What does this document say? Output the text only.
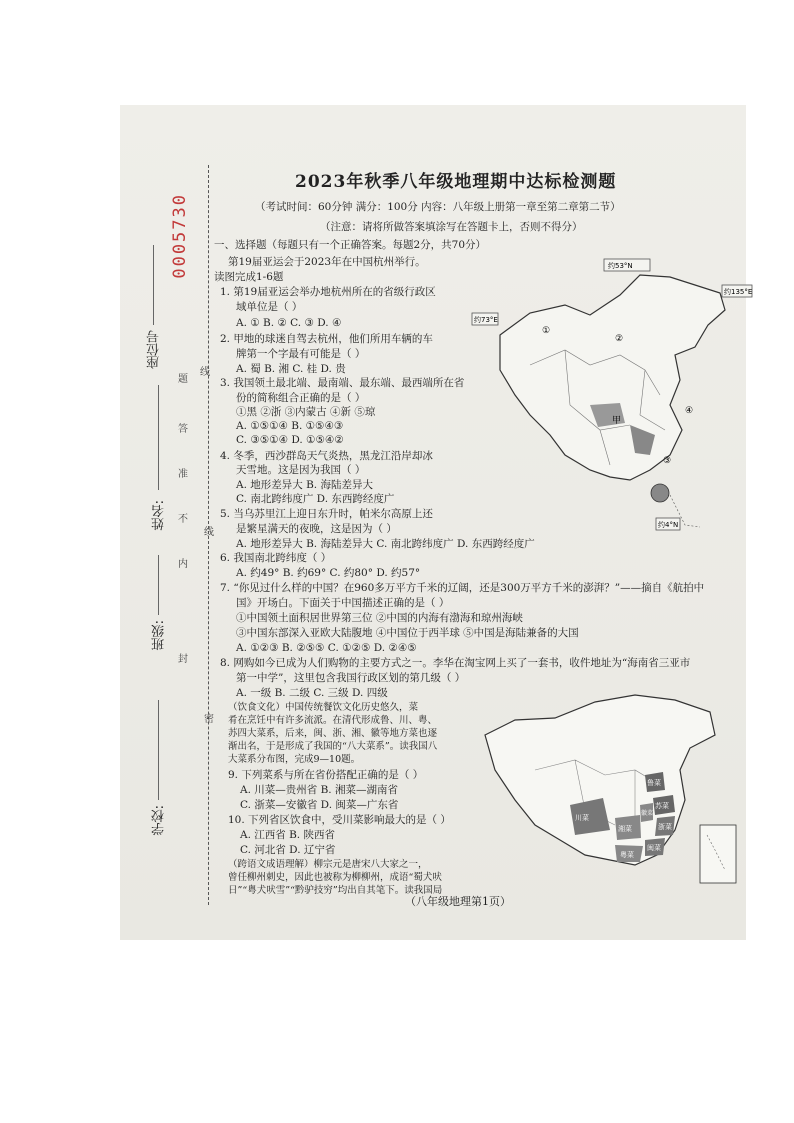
0005730
座位号
姓名:
班级:
学校:
线
题
答
准
不
内
线
封
密
2023年秋季八年级地理期中达标检测题
（考试时间：60分钟 满分：100分 内容：八年级上册第一章至第二章第二节）
（注意：请将所做答案填涂写在答题卡上，否则不得分）
一、选择题（每题只有一个正确答案。每题2分，共70分）
第19届亚运会于2023年在中国杭州举行。
读图完成1-6题
1. 第19届亚运会举办地杭州所在的省级行政区
域单位是（ ）
A. ① B. ② C. ③ D. ④
2. 甲地的球迷自驾去杭州，他们所用车辆的车
牌第一个字最有可能是（ ）
A. 蜀 B. 湘 C. 桂 D. 贵
3. 我国领土最北端、最南端、最东端、最西端所在省
份的简称组合正确的是（ ）
①黑 ②浙 ③内蒙古 ④新 ⑤琼
A. ①⑤①④ B. ①⑤④③
C. ③⑤①④ D. ①⑤④②
4. 冬季，西沙群岛天气炎热，黑龙江沿岸却冰
天雪地。这是因为我国（ ）
A. 地形差异大 B. 海陆差异大
C. 南北跨纬度广 D. 东西跨经度广
5. 当乌苏里江上迎日东升时，帕米尔高原上还
是繁星满天的夜晚，这是因为（ ）
A. 地形差异大 B. 海陆差异大 C. 南北跨纬度广 D. 东西跨经度广
6. 我国南北跨纬度（ ）
A. 约49° B. 约69° C. 约80° D. 约57°
7. “你见过什么样的中国？在960多万平方千米的辽阔，还是300万平方千米的澎湃？”——摘自《航拍中
国》开场白。下面关于中国描述正确的是（ ）
①中国领土面积居世界第三位 ②中国的内海有渤海和琼州海峡
③中国东部深入亚欧大陆腹地 ④中国位于西半球 ⑤中国是海陆兼备的大国
A. ①②③ B. ②⑤⑤ C. ①②⑤ D. ②④⑤
8. 网购如今已成为人们购物的主要方式之一。李华在淘宝网上买了一套书，收件地址为“海南省三亚市
第一中学”，这里包含我国行政区划的第几级（ ）
A. 一级 B. 二级 C. 三级 D. 四级
（饮食文化）中国传统餐饮文化历史悠久，菜
肴在烹饪中有许多流派。在清代形成鲁、川、粤、
苏四大菜系，后来，闽、浙、湘、徽等地方菜也逐
渐出名，于是形成了我国的“八大菜系”。读我国八
大菜系分布图，完成9—10题。
9. 下列菜系与所在省份搭配正确的是（ ）
A. 川菜—贵州省 B. 湘菜—湖南省
C. 浙菜—安徽省 D. 闽菜—广东省
10. 下列省区饮食中，受川菜影响最大的是（ ）
A. 江西省 B. 陕西省
C. 河北省 D. 辽宁省
（跨语文成语理解）柳宗元是唐宋八大家之一，
曾任柳州刺史，因此也被称为柳柳州，成语“蜀犬吠
日”“粤犬吠雪”“黔驴技穷”均出自其笔下。读我国局
约53°N
约135°E
约73°E
约4°N
①
②
③
④
甲
川菜
湘菜
鲁菜
苏菜
浙菜
徽菜
闽菜
粤菜
（八年级地理第1页）
